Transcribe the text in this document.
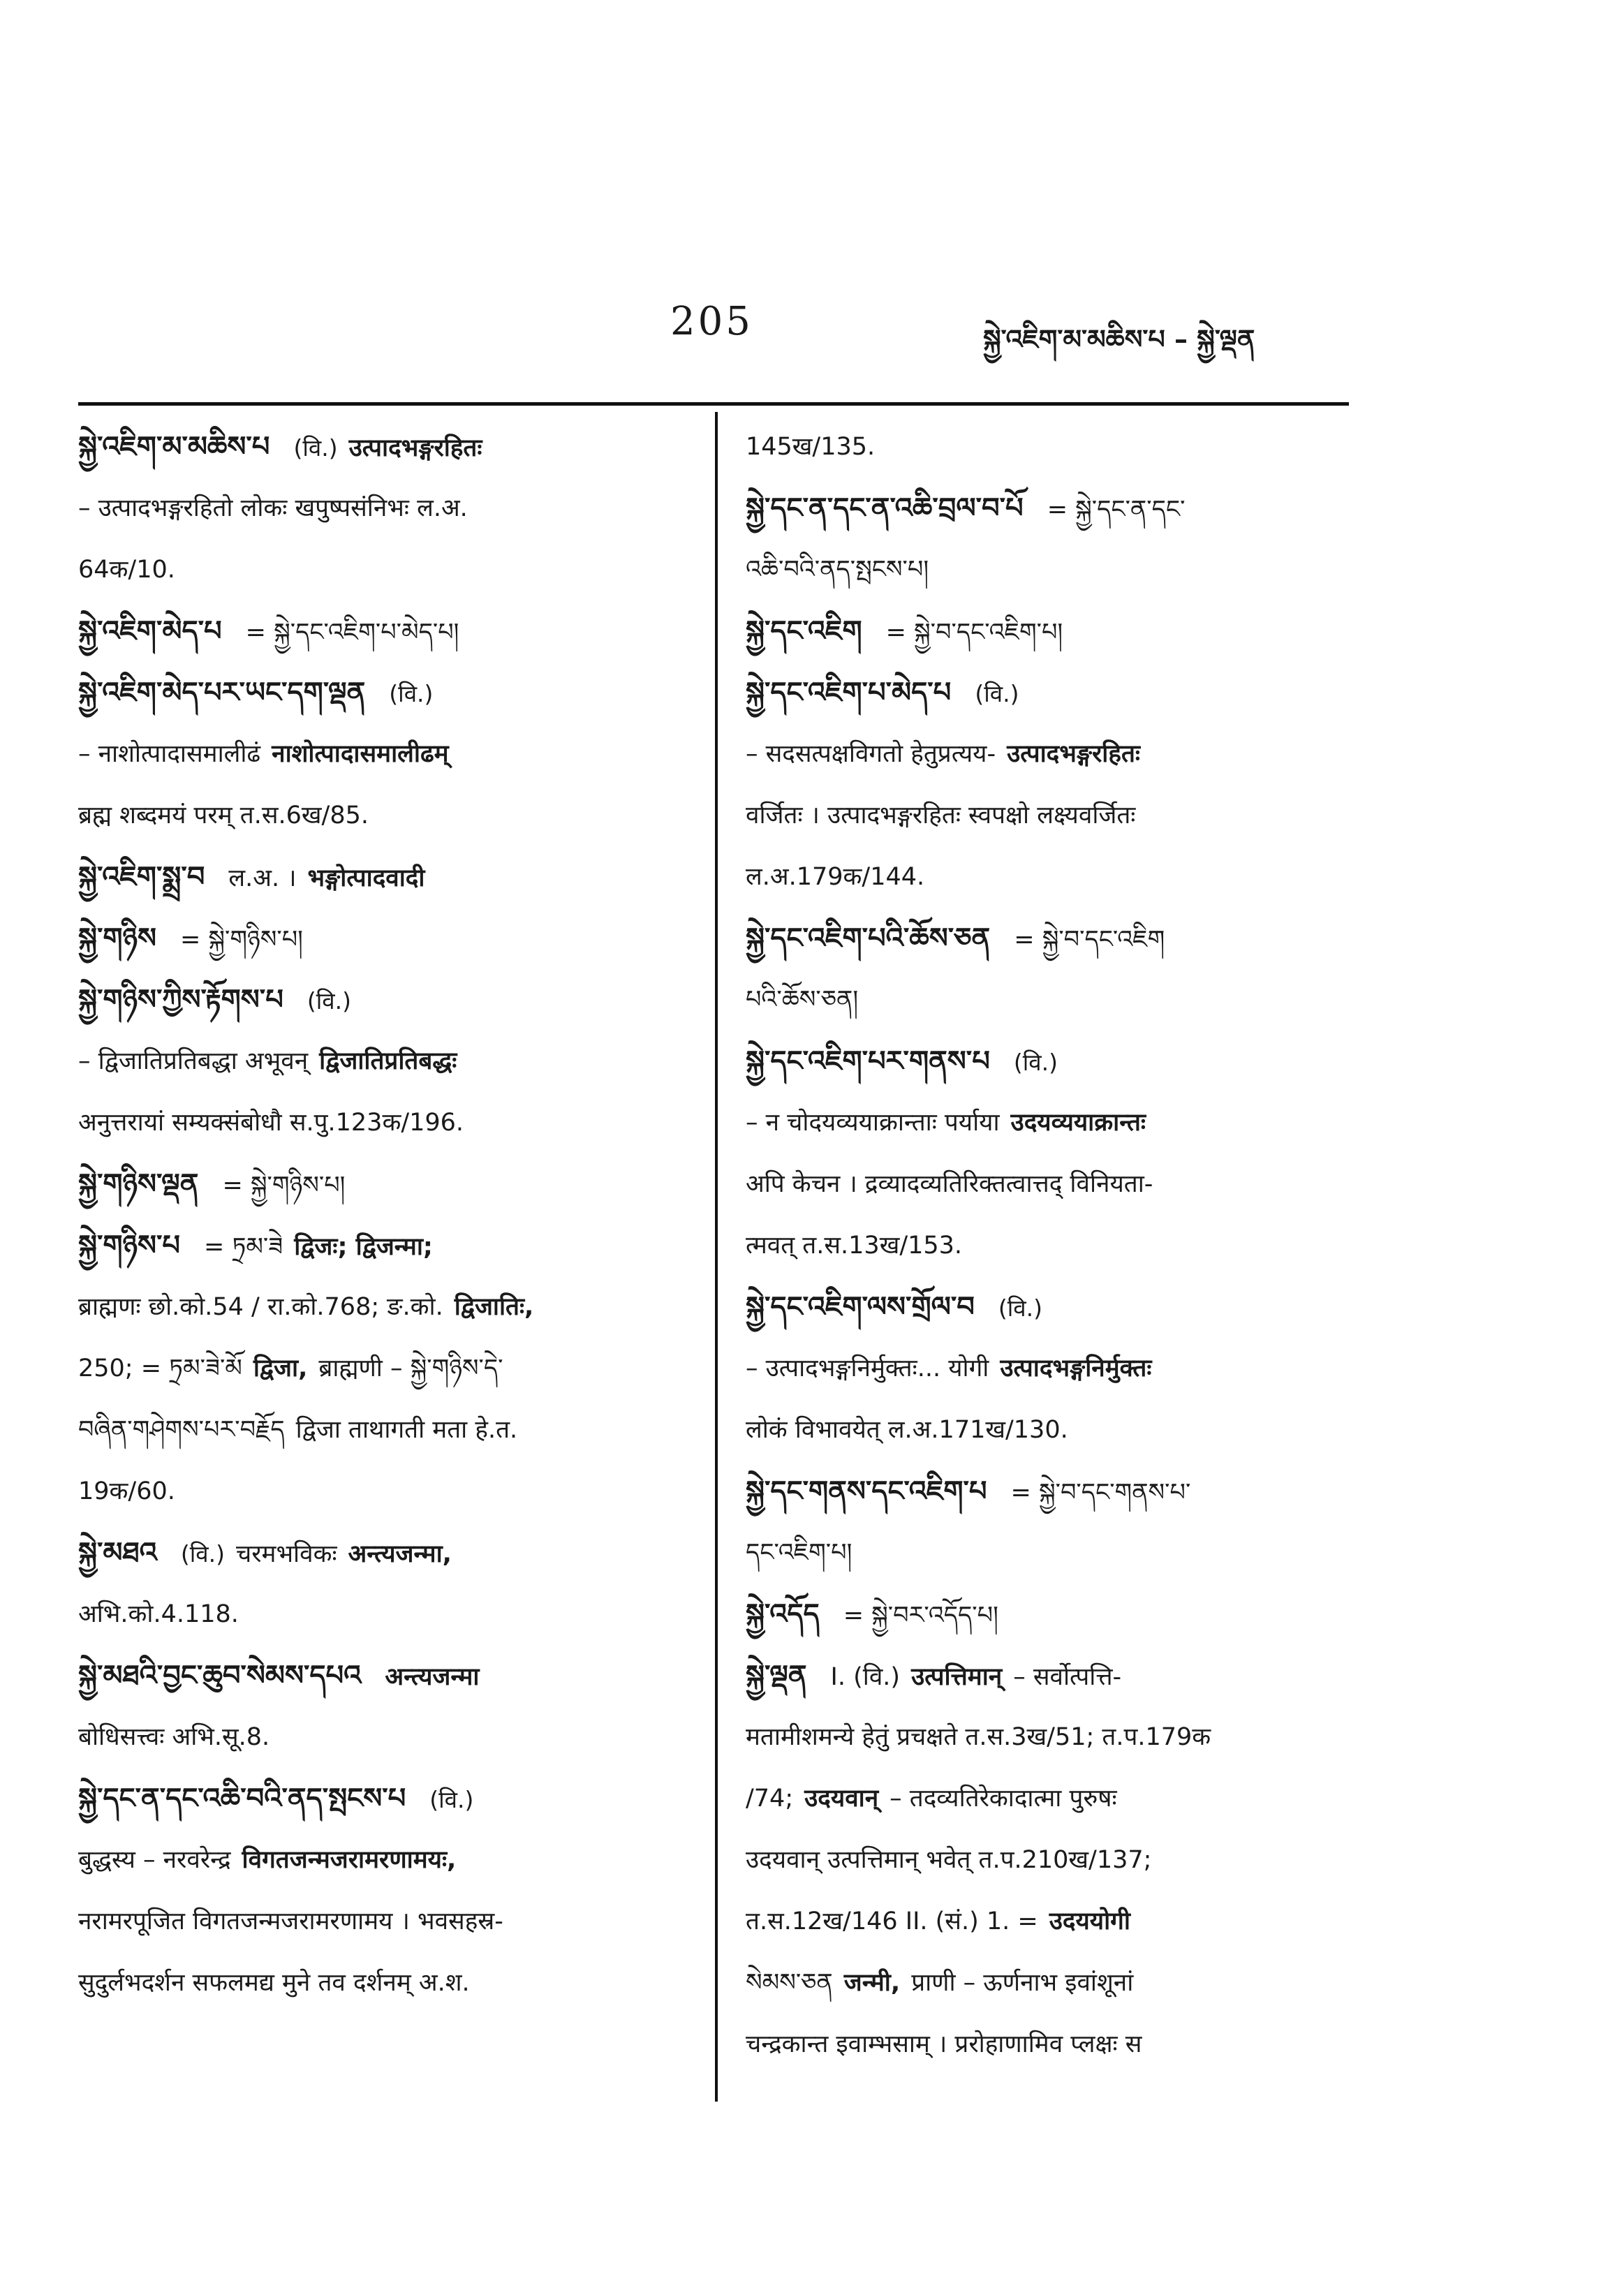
205	སྐྱེ་འཇིག་མ་མཆིས་པ – སྐྱེ་ལྡན
སྐྱེ་འཇིག་མ་མཆིས་པ (वि.) उत्पादभङ्गरहितः
– उत्पादभङ्गरहितो लोकः खपुष्पसंनिभः ल.अ.
64क/10.
སྐྱེ་འཇིག་མེད་པ = སྐྱེ་དང་འཇིག་པ་མེད་པ།
སྐྱེ་འཇིག་མེད་པར་ཡང་དག་ལྡན (वि.)
– नाशोत्पादासमालीढं नाशोत्पादासमालीढम्
ब्रह्म शब्दमयं परम् त.स.6ख/85.
སྐྱེ་འཇིག་སྨྲ་བ ल.अ. । भङ्गोत्पादवादी
སྐྱེ་གཉིས = སྐྱེ་གཉིས་པ།
སྐྱེ་གཉིས་ཀྱིས་རྟོགས་པ (वि.)
– द्विजातिप्रतिबद्धा अभूवन् द्विजातिप्रतिबद्धः
अनुत्तरायां सम्यक्संबोधौ स.पु.123क/196.
སྐྱེ་གཉིས་ལྡན = སྐྱེ་གཉིས་པ།
སྐྱེ་གཉིས་པ = ཏྲམ་ཟེ द्विजः; द्विजन्मा;
ब्राह्मणः छो.को.54 / रा.को.768; ङ.को. द्विजातिः,
250; = ཏྲམ་ཟེ་མོ द्विजा, ब्राह्मणी – སྐྱེ་གཉིས་དེ་
བཞིན་གཤེགས་པར་བརྗོད द्विजा ताथागती मता हे.त.
19क/60.
སྐྱེ་མཐའ (वि.) चरमभविकः अन्त्यजन्मा,
अभि.को.4.118.
སྐྱེ་མཐའི་བྱང་ཆུབ་སེམས་དཔའ अन्त्यजन्मा
बोधिसत्त्वः अभि.सू.8.
སྐྱེ་དང་ན་དང་འཆི་བའི་ནད་སྤངས་པ (वि.)
बुद्धस्य – नरवरेन्द्र विगतजन्मजरामरणामयः,
नरामरपूजित विगतजन्मजरामरणामय । भवसहस्र-
सुदुर्लभदर्शन सफलमद्य मुने तव दर्शनम् अ.श.
145ख/135.
སྐྱེ་དང་ན་དང་ན་འཆི་བྲལ་བ་པོ = སྐྱེ་དང་ན་དང་
འཆི་བའི་ནད་སྤངས་པ།
སྐྱེ་དང་འཇིག = སྐྱེ་བ་དང་འཇིག་པ།
སྐྱེ་དང་འཇིག་པ་མེད་པ (वि.)
– सदसत्पक्षविगतो हेतुप्रत्यय- उत्पादभङ्गरहितः
वर्जितः । उत्पादभङ्गरहितः स्वपक्षो लक्ष्यवर्जितः
ल.अ.179क/144.
སྐྱེ་དང་འཇིག་པའི་ཆོས་ཅན = སྐྱེ་བ་དང་འཇིག
པའི་ཆོས་ཅན།
སྐྱེ་དང་འཇིག་པར་གནས་པ (वि.)
– न चोदयव्ययाक्रान्ताः पर्याया उदयव्ययाक्रान्तः
अपि केचन । द्रव्यादव्यतिरिक्तत्वात्तद् विनियता-
त्मवत् त.स.13ख/153.
སྐྱེ་དང་འཇིག་ལས་གྲོལ་བ (वि.)
– उत्पादभङ्गनिर्मुक्तः... योगी उत्पादभङ्गनिर्मुक्तः
लोकं विभावयेत् ल.अ.171ख/130.
སྐྱེ་དང་གནས་དང་འཇིག་པ = སྐྱེ་བ་དང་གནས་པ་
དང་འཇིག་པ།
སྐྱེ་འདོད = སྐྱེ་བར་འདོད་པ།
སྐྱེ་ལྡན I. (वि.) उत्पत्तिमान् – सर्वोत्पत्ति-
मतामीशमन्ये हेतुं प्रचक्षते त.स.3ख/51; त.प.179क
/74; उदयवान् – तदव्यतिरेकादात्मा पुरुषः
उदयवान् उत्पत्तिमान् भवेत् त.प.210ख/137;
त.स.12ख/146 II. (सं.) 1. = उदययोगी
སེམས་ཅན जन्मी, प्राणी – ऊर्णनाभ इवांशूनां
चन्द्रकान्त इवाम्भसाम् । प्ररोहाणामिव प्लक्षः स
